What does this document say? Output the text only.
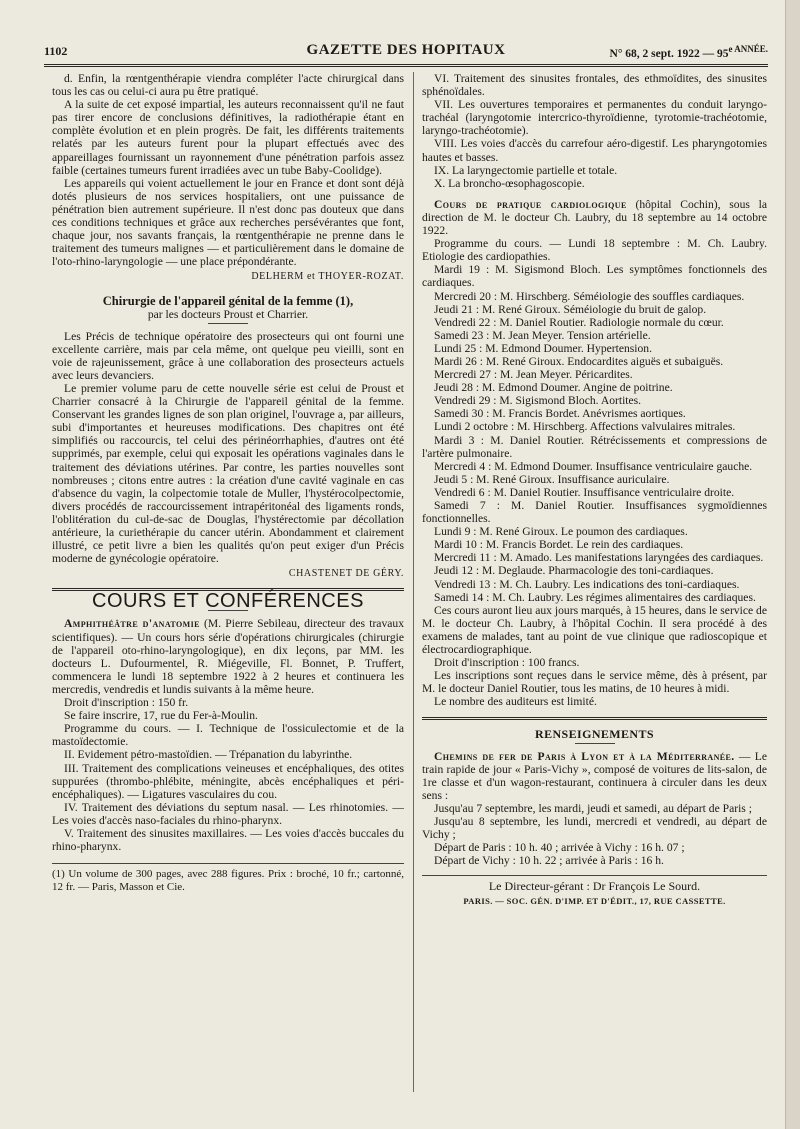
1102	GAZETTE DES HOPITAUX	N° 68, 2 sept. 1922 — $95^{e ANNÉE.}$

d. Enfin, la rœntgenthérapie viendra compléter l'acte chirurgical dans tous les cas ou celui-ci aura pu être pratiqué.

A la suite de cet exposé impartial, les auteurs reconnaissent qu'il ne faut pas tirer encore de conclusions définitives, la radiothérapie étant en complète évolution et en plein progrès. De fait, les différents traitements relatés par les auteurs furent pour la plupart effectués avec des appareillages fournissant un rayonnement d'une pénétration parfois assez faible (certaines tumeurs furent irradiées avec un tube Baby-Coolidge).

Les appareils qui voient actuellement le jour en France et dont sont déjà dotés plusieurs de nos services hospitaliers, ont une puissance de pénétration bien autrement supérieure. Il n'est donc pas douteux que dans ces conditions techniques et grâce aux recherches persévérantes que font, chaque jour, nos savants français, la rœntgenthérapie ne prenne dans le traitement des tumeurs malignes — et particulièrement dans le domaine de l'oto-rhino-laryngologie — une place prépondérante.

DELHERM et THOYER-ROZAT.
Chirurgie de l'appareil génital de la femme (1),
par les docteurs Proust et Charrier.

Les Précis de technique opératoire des prosecteurs qui ont fourni une excellente carrière, mais par cela même, ont quelque peu vieilli, sont en voie de rajeunissement, grâce à une collaboration des prosecteurs actuels avec leurs devanciers.

Le premier volume paru de cette nouvelle série est celui de Proust et Charrier consacré à la Chirurgie de l'appareil génital de la femme. Conservant les grandes lignes de son plan originel, l'ouvrage a, par ailleurs, subi d'importantes et heureuses modifications. Des chapitres ont été simplifiés ou raccourcis, tel celui des périnéorrhaphies, d'autres ont été supprimés, par exemple, celui qui exposait les opérations vaginales dans le traitement des déviations utérines. Par contre, les parties nouvelles sont nombreuses ; citons entre autres : la création d'une cavité vaginale en cas d'absence du vagin, la colpectomie totale de Muller, l'hystérocolpectomie, divers procédés de raccourcissement intrapéritonéal des ligaments ronds, l'oblitération du cul-de-sac de Douglas, l'hystérectomie par décollation antérieure, la curiethérapie du cancer utérin. Abondamment et clairement illustré, ce petit livre a bien les qualités qu'on peut exiger d'un Précis moderne de gynécologie opératoire.

CHASTENET DE GÉRY.
COURS ET CONFÉRENCES

Amphithéâtre d'anatomie (M. Pierre Sebileau, directeur des travaux scientifiques). — Un cours hors série d'opérations chirurgicales (chirurgie de l'appareil oto-rhino-laryngologique), en dix leçons, par MM. les docteurs L. Dufourmentel, R. Miégeville, Fl. Bonnet, P. Truffert, commencera le lundi 18 septembre 1922 à 2 heures et continuera les mercredis, vendredis et lundis suivants à la même heure.

Droit d'inscription : 150 fr.

Se faire inscrire, 17, rue du Fer-à-Moulin.

Programme du cours. — I. Technique de l'ossiculectomie et de la mastoïdectomie.

II. Evidement pétro-mastoïdien. — Trépanation du labyrinthe.

III. Traitement des complications veineuses et encéphaliques, des otites suppurées (thrombo-phlébite, méningite, abcès encéphaliques et péri-encéphaliques). — Ligatures vasculaires du cou.

IV. Traitement des déviations du septum nasal. — Les rhinotomies. — Les voies d'accès naso-faciales du rhino-pharynx.

V. Traitement des sinusites maxillaires. — Les voies d'accès buccales du rhino-pharynx.

(1) Un volume de 300 pages, avec 288 figures. Prix : broché, 10 fr.; cartonné, 12 fr. — Paris, Masson et Cie.

VI. Traitement des sinusites frontales, des ethmoïdites, des sinusites sphénoïdales.

VII. Les ouvertures temporaires et permanentes du conduit laryngo-trachéal (laryngotomie intercrico-thyroïdienne, tyrotomie-trachéotomie, laryngo-trachéotomie).

VIII. Les voies d'accès du carrefour aéro-digestif. Les pharyngotomies hautes et basses.

IX. La laryngectomie partielle et totale.

X. La broncho-œsophagoscopie.

Cours de pratique cardiologique (hôpital Cochin), sous la direction de M. le docteur Ch. Laubry, du 18 septembre au 14 octobre 1922.

Programme du cours. — Lundi 18 septembre : M. Ch. Laubry. Etiologie des cardiopathies.

Mardi 19 : M. Sigismond Bloch. Les symptômes fonctionnels des cardiaques.

Mercredi 20 : M. Hirschberg. Séméiologie des souffles cardiaques.

Jeudi 21 : M. René Giroux. Séméiologie du bruit de galop.

Vendredi 22 : M. Daniel Routier. Radiologie normale du cœur.

Samedi 23 : M. Jean Meyer. Tension artérielle.

Lundi 25 : M. Edmond Doumer. Hypertension.

Mardi 26 : M. René Giroux. Endocardites aiguës et subaiguës.

Mercredi 27 : M. Jean Meyer. Péricardites.

Jeudi 28 : M. Edmond Doumer. Angine de poitrine.

Vendredi 29 : M. Sigismond Bloch. Aortites.

Samedi 30 : M. Francis Bordet. Anévrismes aortiques.

Lundi 2 octobre : M. Hirschberg. Affections valvulaires mitrales.

Mardi 3 : M. Daniel Routier. Rétrécissements et compressions de l'artère pulmonaire.

Mercredi 4 : M. Edmond Doumer. Insuffisance ventriculaire gauche.

Jeudi 5 : M. René Giroux. Insuffisance auriculaire.

Vendredi 6 : M. Daniel Routier. Insuffisance ventriculaire droite.

Samedi 7 : M. Daniel Routier. Insuffisances sygmoïdiennes fonctionnelles.

Lundi 9 : M. René Giroux. Le poumon des cardiaques.

Mardi 10 : M. Francis Bordet. Le rein des cardiaques.

Mercredi 11 : M. Amado. Les manifestations laryngées des cardiaques.

Jeudi 12 : M. Deglaude. Pharmacologie des toni-cardiaques.

Vendredi 13 : M. Ch. Laubry. Les indications des toni-cardiaques.

Samedi 14 : M. Ch. Laubry. Les régimes alimentaires des cardiaques.

Ces cours auront lieu aux jours marqués, à 15 heures, dans le service de M. le docteur Ch. Laubry, à l'hôpital Cochin. Il sera procédé à des examens de malades, tant au point de vue clinique que radioscopique et électrocardiographique.

Droit d'inscription : 100 francs.

Les inscriptions sont reçues dans le service même, dès à présent, par M. le docteur Daniel Routier, tous les matins, de 10 heures à midi.

Le nombre des auditeurs est limité.

RENSEIGNEMENTS

Chemins de fer de Paris à Lyon et à la Méditerranée. — Le train rapide de jour « Paris-Vichy », composé de voitures de lits-salon, de 1re classe et d'un wagon-restaurant, continuera à circuler dans les deux sens :

Jusqu'au 7 septembre, les mardi, jeudi et samedi, au départ de Paris ;

Jusqu'au 8 septembre, les lundi, mercredi et vendredi, au départ de Vichy ;

Départ de Paris : 10 h. 40 ; arrivée à Vichy : 16 h. 07 ;

Départ de Vichy : 10 h. 22 ; arrivée à Paris : 16 h.

Le Directeur-gérant : Dr François Le Sourd.
PARIS. — SOC. GÉN. D'IMP. ET D'ÉDIT., 17, RUE CASSETTE.
